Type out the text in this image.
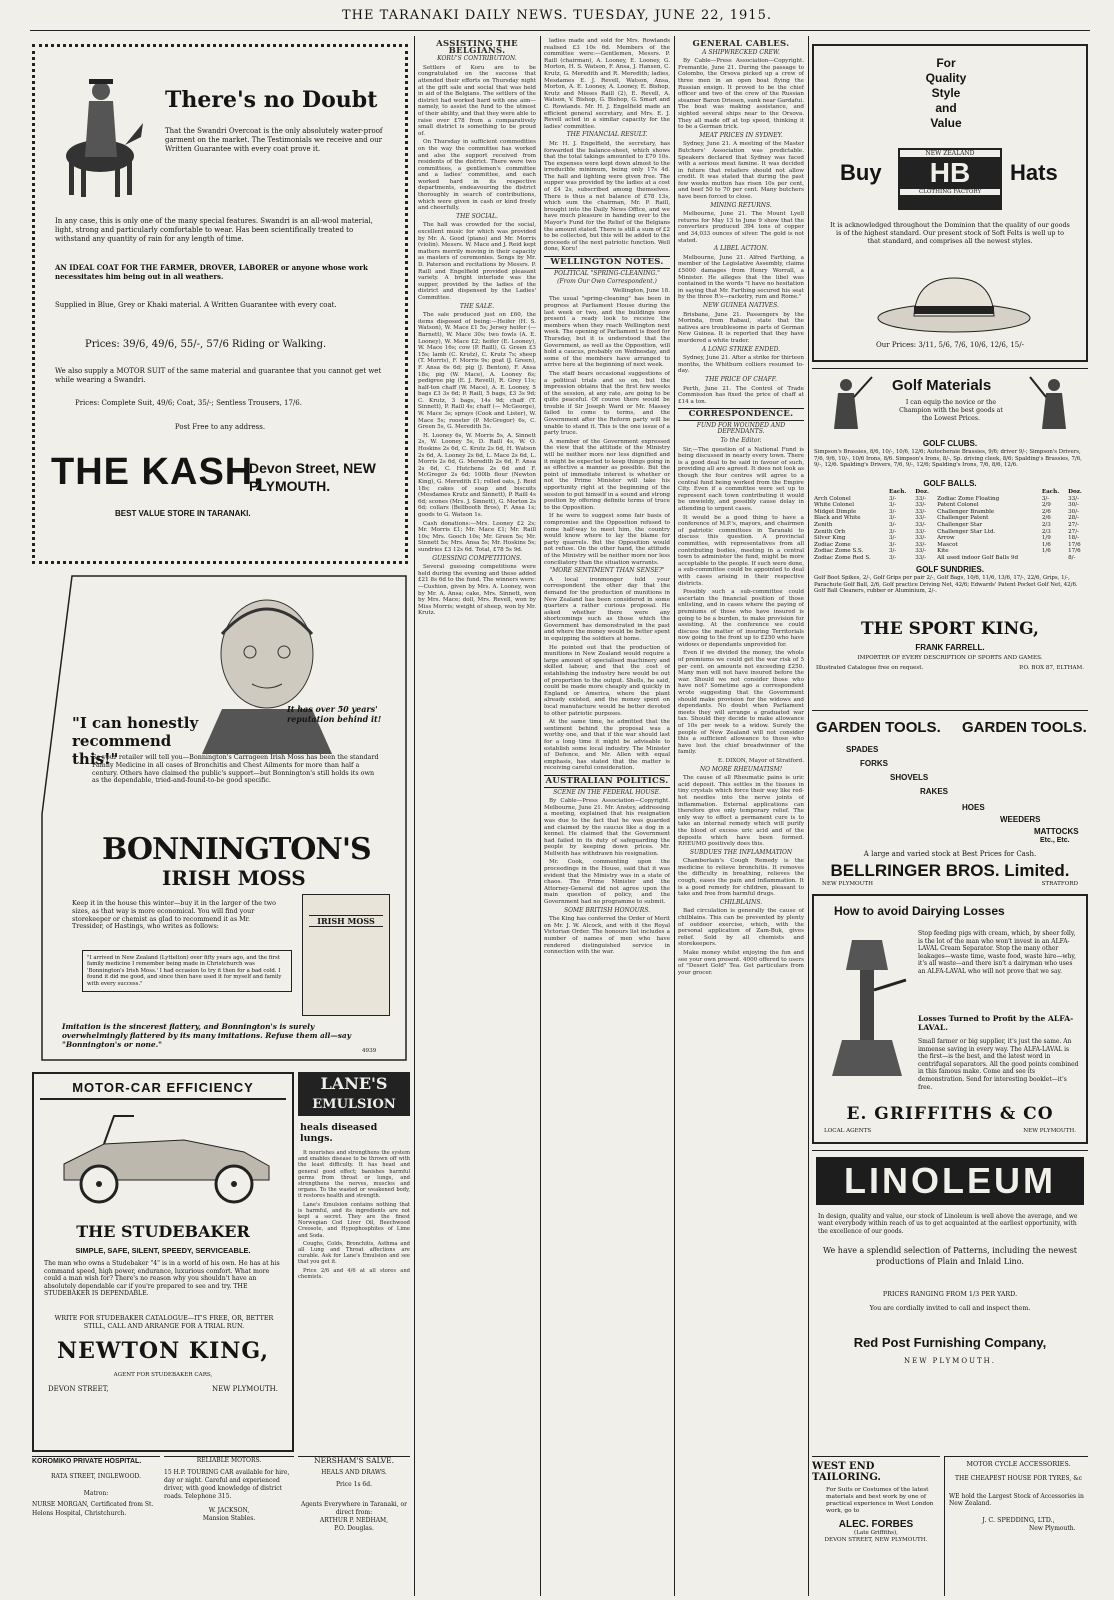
THE TARANAKI DAILY NEWS. TUESDAY, JUNE 22, 1915.
There's no Doubt
That the Swandri Overcoat is the only absolutely water-proof garment on the market. The Testimonials we receive and our Written Guarantee with every coat prove it.
In any case, this is only one of the many special features. Swandri is an all-wool material, light, strong and particularly comfortable to wear. Has been scientifically treated to withstand any quantity of rain for any length of time.
AN IDEAL COAT FOR THE FARMER, DROVER, LABORER or anyone whose work necessitates him being out in all weathers.
Supplied in Blue, Grey or Khaki material. A Written Guarantee with every coat.
Prices: 39/6, 49/6, 55/-, 57/6 Riding or Walking.
We also supply a MOTOR SUIT of the same material and guarantee that you cannot get wet while wearing a Swandri.
Prices: Complete Suit, 49/6; Coat, 35/-; Sentless Trousers, 17/6.
Post Free to any address.
THE KASH,
Devon Street, NEW PLYMOUTH.
BEST VALUE STORE IN TARANAKI.
"I can honestly recommend this!"
It has over 50 years' reputation behind it!
So your retailer will tell you—Bonnington's Carrageen Irish Moss has been the standard Family Medicine in all cases of Bronchitis and Chest Ailments for more than half a century. Others have claimed the public's support—but Bonnington's still holds its own as the dependable, tried-and-found-to-be good specific.
BONNINGTON'S
IRISH MOSS
Keep it in the house this winter—buy it in the larger of the two sizes, as that way is more economical. You will find your storekeeper or chemist as glad to recommend it as Mr. Tressider, of Hastings, who writes as follows:
IRISH MOSS
"I arrived in New Zealand (Lyttelton) over fifty years ago, and the first family medicine I remember being made in Christchurch was 'Bonnington's Irish Moss.' I had occasion to try it then for a bad cold. I found it did me good, and since then have used it for myself and family with every success."
Imitation is the sincerest flattery, and Bonnington's is surely overwhelmingly flattered by its many imitations. Refuse them all—say "Bonnington's or none."
4939
MOTOR-CAR EFFICIENCY
THE STUDEBAKER
SIMPLE, SAFE, SILENT, SPEEDY, SERVICEABLE.
The man who owns a Studebaker "4" is in a world of his own. He has at his command speed, high power, endurance, luxurious comfort. What more could a man wish for? There's no reason why you shouldn't have an absolutely dependable car if you're prepared to see and try. THE STUDEBAKER IS DEPENDABLE.
WRITE FOR STUDEBAKER CATALOGUE—IT'S FREE, OR, BETTER STILL, CALL AND ARRANGE FOR A TRIAL RUN.
NEWTON KING,
AGENT FOR STUDEBAKER CARS,
DEVON STREET,	NEW PLYMOUTH.
LANE'S
EMULSION
heals diseased lungs.

It nourishes and strengthens the system and enables disease to be thrown off with the least difficulty. It has head and general good effect; banishes harmful germs from throat or lungs, and strengthens the nerves, muscles and organs. To the wasted or weakened body, it restores health and strength.

Lane's Emulsion contains nothing that is harmful, and its ingredients are not kept a secret. They are the finest Norwegian Cod Liver Oil, Beechwood Creosote, and Hypophosphites of Lime and Soda.

Coughs, Colds, Bronchitis, Asthma and all Lung and Throat affections are curable. Ask for Lane's Emulsion and see that you get it.

Price 2/6 and 4/6 at all stores and chemists.

KOROMIKO PRIVATE HOSPITAL.
RATA STREET, INGLEWOOD.
Matron:
NURSE MORGAN, Certificated from St. Helens Hospital, Christchurch.
RELIABLE MOTORS.
15 H.P. TOURING CAR available for hire, day or night. Careful and experienced driver, with good knowledge of district roads. Telephone 315.
W. JACKSON,
Mansion Stables.
NERSHAM'S SALVE.
HEALS AND DRAWS.
Price 1s 6d.
Agents Everywhere in Taranaki, or direct from:
ARTHUR P. NEDHAM,
P.O. Douglas.
ASSISTING THE BELGIANS.
KORU'S CONTRIBUTION.

Settlers of Koru are to be congratulated on the success that attended their efforts on Thursday night at the gift sale and social that was held in aid of the Belgians. The settlers of the district had worked hard with one aim—namely, to assist the fund to the utmost of their ability, and that they were able to raise over £78 from a comparatively small district is something to be proud of.

On Thursday in sufficient commodities on the way the committee has worked and also the support received from residents of the district. There were two committees, a gentlemen's committee and a ladies' committee, and each worked hard in its respective departments, endeavouring the district thoroughly in search of contributions, which were given in cash or kind freely and cheerfully.

THE SOCIAL.

The hall was crowded for the social, excellent music for which was provided by Mr. A. Good (piano) and Mr. Morris (violin). Messrs. W. Mace and J. Reid kept matters merrily moving in their capacity as masters of ceremonies. Songs by Mr. D. Paterson and recitations by Messrs. P. Raill and Engelfield provided pleasant variety. A bright interlude was the supper, provided by the ladies of the district and dispensed by the Ladies' Committee.

THE SALE.

The sale produced just on £60, the items disposed of being:—Heifer (H. S. Watson), W. Mace £1 5s; Jersey heifer (— Barnett), W. Mace 30s; two fowls (A. E. Looney), W. Mace £2; heifer (E. Looney), W. Mace 16s; cow (P. Raill), G. Green £3 15s; lamb (C. Krutz), C. Krutz 7s; sheep (T. Morris), F. Morris 9s; goat (J. Green), F. Ansa 6s 6d; pig (J. Benton), F. Ansa 18s; pig (W. Mace), A. Looney 6s; pedigree pig (E. J. Revell), R. Grey 11s; half-ton chaff (W. Mace), A. E. Looney, 5 bags £3 3s 6d; P. Raill, 5 bags, £3 3s 9d; C. Krutz, 3 bags, 14s 9d; chaff (T. Sinnett), P. Raill 4s; chaff (— McGeorge), W. Mace 3s; sprays (Cook and Lister), W. Mace 5s; rooster (P. McGregor) 6s, C. Green 5s, G. Meredith 5s.

H. Looney 6s, W. Morris 5s, A. Sinnett 2s, W. Looney 5s, D. Raill 4s, W. O. Hoskins 2s 6d, C. Krutz 2s 6d, H. Watson 2s 6d, A. Looney 2s 6d, L. Mace 2s 6d, L. Morris 2s 6d, G. Meredith 2s 6d, F. Ansa 2s 6d, C. Hutchens 2s 6d and F. McGregor 2s 6d; 100lb flour (Newton King), G. Meredith £1; rolled oats, J. Reid 18s; cakes of soap and biscuits (Mesdames Krutz and Sinnett), P. Raill 4s 6d; scones (Mrs. J. Sinnett), G. Morton 2s 6d; collars (Bellbooth Bros), F. Ansa 1s; goods to G. Watson 1s.

Cash donations:—Mrs. Looney £2 2s; Mr. Morris £1; Mr. Mace £1; Mr. Raill 10s; Mrs. Gooch 10s; Mr. Green 5s; Mr. Sinnett 5s; Mrs. Ansa 5s; Mr. Hoskins 5s; sundries £3 12s 6d. Total, £78 5s 9d.

GUESSING COMPETITIONS.

Several guessing competitions were held during the evening and these added £21 8s 6d to the fund. The winners were:—Cushion, given by Mrs. A. Looney, won by Mr. A. Ansa; cake, Mrs. Sinnett, won by Mrs. Mace; doll, Mrs. Revell, won by Miss Morris; weight of sheep, won by Mr. Krutz.

ladies made and sold for Mrs. Rowlands realised £3 10s 6d. Members of the committee were:—Gentlemen, Messrs. P. Raill (chairman), A. Looney, E. Looney, G. Morton, H. S. Watson, F. Ansa, J. Hansen, C. Krutz, G. Meredith and R. Meredith; ladies, Mesdames E. J. Revell, Watson, Ansa, Morton, A. E. Looney, A. Looney, E. Bishop, Krutz and Misses Raill (2), E. Revell, A. Watson, V. Bishop, G. Bishop, G. Smart and C. Rowlands. Mr. H. J. Engelfield made an efficient general secretary, and Mrs. E. J. Revell acted in a similar capacity for the ladies' committee.

THE FINANCIAL RESULT.

Mr. H. J. Engelfield, the secretary, has forwarded the balance-sheet, which shows that the total takings amounted to £79 10s. The expenses were kept down almost to the irreducible minimum, being only 17s 4d. The hall and lighting were given free. The supper was provided by the ladies at a cost of £4 2s, subscribed among themselves. There is thus a net balance of £78 13s, which sum the chairman, Mr. P. Raill, brought into the Daily News Office, and we have much pleasure in handing over to the Mayor's Fund for the Relief of the Belgians the amount stated. There is still a sum of £2 to be collected, but this will be added to the proceeds of the next patriotic function. Well done, Koru!

WELLINGTON NOTES.
POLITICAL "SPRING-CLEANING."
(From Our Own Correspondent.)

Wellington, June 18.

The usual "spring-cleaning" has been in progress at Parliament House during the last week or two, and the buildings now present a ready look to receive the members when they reach Wellington next week. The opening of Parliament is fixed for Thursday, but it is understood that the Government, as well as the Opposition, will hold a caucus, probably on Wednesday, and some of the members have arranged to arrive here at the beginning of next week.

The staff bears occasional suggestions of a political trials and so on, but the impression obtains that the first few weeks of the session, at any rate, are going to be quite peaceful. Of course there would be trouble if Sir Joseph Ward or Mr. Massey failed to come to terms, and the Government after the Reform party will be unable to stand it. This is the one issue of a party truce.

A member of the Government expressed the view that the attitude of the Ministry will be neither more nor less dignified and it might be expected to keep things going in as effective a manner as possible. But the point of immediate interest is whether or not the Prime Minister will take his opportunity right at the beginning of the session to put himself in a sound and strong position by offering definite terms of truce to the Opposition.

If he were to suggest some fair basis of compromise and the Opposition refused to come half-way to meet him, the country would know where to lay the blame for party quarrels. But the Opposition would not refuse. On the other hand, the attitude of the Ministry will be neither more nor less conciliatory than the situation warrants.

"MORE SENTIMENT THAN SENSE?"

A local ironmonger told your correspondent the other day that the demand for the production of munitions in New Zealand has been considered in some quarters a rather curious proposal. He asked whether there were any shortcomings such as those which the Government has demonstrated in the past and where the money would be better spent in equipping the soldiers at home.

He pointed out that the production of munitions in New Zealand would require a large amount of specialised machinery and skilled labour, and that the cost of establishing the industry here would be out of proportion to the output. Shells, he said, could be made more cheaply and quickly in England or America, where the plant already existed, and the money spent on local manufacture would be better devoted to other patriotic purposes.

At the same time, he admitted that the sentiment behind the proposal was a worthy one, and that if the war should last for a long time it might be advisable to establish some local industry. The Minister of Defence, and Mr. Allen with equal emphasis, has stated that the matter is receiving careful consideration.

AUSTRALIAN POLITICS.
SCENE IN THE FEDERAL HOUSE.

By Cable—Press Association—Copyright. Melbourne, June 21. Mr. Anstey, addressing a meeting, explained that his resignation was due to the fact that he was guarded and claimed by the caucus like a dog in a kennel. He claimed that the Government had failed in its duty of safeguarding the people by keeping down prices. Mr. Mellwith has withdrawn his resignation.

Mr. Cook, commenting upon the proceedings in the House, said that it was evident that the Ministry was in a state of chaos. The Prime Minister and the Attorney-General did not agree upon the main question of policy, and the Government had no programme to submit.

SOME BRITISH HONOURS.

The King has conferred the Order of Merit on Mr. J. W. Alcock, and with it the Royal Victorian Order. The honours list includes a number of names of men who have rendered distinguished service in connection with the war.

GENERAL CABLES.
A SHIPWRECKED CREW.

By Cable—Press Association—Copyright. Fremantle, June 21. During the passage to Colombo, the Orsova picked up a crew of three men in an open boat flying the Russian ensign. It proved to be the chief officer and two of the crew of the Russian steamer Baron Driesen, sunk near Gardafui. The boat was making assistance, and sighted several ships near to the Orsova. They all made off at top speed, thinking it to be a German trick.

MEAT PRICES IN SYDNEY.

Sydney, June 21. A meeting of the Master Butchers' Association was predictable. Speakers declared that Sydney was faced with a serious meat famine. It was decided in future that retailers should not allow credit. It was stated that during the past few weeks mutton has risen 10s per cent, and beef 50 to 70 per cent. Many butchers have been forced to close.

MINING RETURNS.

Melbourne, June 21. The Mount Lyell returns for May 13 to June 9 show that the converters produced 394 tons of copper and 34,033 ounces of silver. The gold is not stated.

A LIBEL ACTION.

Melbourne, June 21. Alfred Farthing, a member of the Legislative Assembly, claims £5000 damages from Henry Worrall, a Minister. He alleges that the libel was contained in the words "I have no hesitation in saying that Mr. Farthing secured his seat by the three R's—racketry, rum and Rome."

NEW GUINEA NATIVES.

Brisbane, June 21. Passengers by the Morinda, from Rabaul, state that the natives are troublesome in parts of German New Guinea. It is reported that they have murdered a white trader.

A LONG STRIKE ENDED.

Sydney, June 21. After a strike for thirteen months, the Whitburn colliers resumed to-day.

THE PRICE OF CHAFF.

Perth, June 21. The Control of Trade Commission has fixed the price of chaff at £14 a ton.

CORRESPONDENCE.
FUND FOR WOUNDED AND DEPENDANTS.
To the Editor.

Sir,—The question of a National Fund is being discussed in nearly every town. There is a good deal to be said in favour of such, providing all are agreed. It does not look as though the four centres will agree to a central fund being worked from the Empire City. Even if a committee were set up to represent each town contributing it would be unwieldy, and possibly cause delay in attending to urgent cases.

It would be a good thing to have a conference of M.P.'s, mayors, and chairmen of patriotic committees in Taranaki to discuss this question. A provincial committee, with representatives from all contributing bodies, meeting in a central town to administer the fund, might be more acceptable to the people. If such were done, a sub-committee could be appointed to deal with cases arising in their respective districts.

Possibly such a sub-committee could ascertain the financial position of those enlisting, and in cases where the paying of premiums of those who have insured is going to be a burden, to make provision for assisting. At the conference we could discuss the matter of insuring Territorials now going to the front up to £250 who have widows or dependants unprovided for.

Even if we divided the money, the whole of premiums we could get the war risk of 5 per cent. on amounts not exceeding £250. Many men will not have insured before the war. Should we not consider those who have not? Sometime ago a correspondent wrote suggesting that the Government should make provision for the widows and dependants. No doubt when Parliament meets they will arrange a graduated war tax. Should they decide to make allowance of 10s per week to a widow. Surely the people of New Zealand will not consider this a sufficient allowance to those who have lost the chief breadwinner of the family.

E. DIXON, Mayor of Stratford.

NO MORE RHEUMATISM!

The cause of all Rheumatic pains is uric acid deposit. This settles in the tissues in tiny crystals which force their way like red-hot needles into the nerve joints of inflammation. External applications can therefore give only temporary relief. The only way to effect a permanent cure is to take an internal remedy which will purify the blood of excess uric acid and of the deposits which have been formed. RHEUMO positively does this.

SUBDUES THE INFLAMMATION

Chamberlain's Cough Remedy is the medicine to relieve bronchitis. It removes the difficulty in breathing, relieves the cough, eases the pain and inflammation. It is a good remedy for children, pleasant to take and free from harmful drugs.

CHILBLAINS.

Bad circulation is generally the cause of chilblains. This can be prevented by plenty of outdoor exercise, which, with the personal application of Zam-Buk, gives relief. Sold by all chemists and storekeepers.

Make money whilst enjoying the fun and see your own present. 4000 offered to users of "Desert Gold" Tea. Get particulars from your grocer.

For
Quality
Style
and
Value
Buy
NEW ZEALAND
HB
CLOTHING FACTORY
Hats
It is acknowledged throughout the Dominion that the quality of our goods is of the highest standard. Our present stock of Soft Felts is well up to that standard, and comprises all the newest styles.
Our Prices: 3/11, 5/6, 7/6, 10/6, 12/6, 15/-
Golf Materials
I can equip the novice or the Champion with the best goods at the Lowest Prices.
GOLF CLUBS.
Simpson's Brassies, 8/6, 10/-, 10/6, 12/6; Autocheraie Brassies, 9/6; driver 9/-; Simpson's Drivers, 7/6, 9/6, 10/-, 10/6 Irons, 8/6. Simpson's Irons, 8/-, Sp. driving cleek, 8/6; Spalding's Brassies, 7/6, 9/-, 12/6. Spalding's Drivers, 7/6, 9/-, 12/6; Spalding's Irons, 7/6, 8/6, 12/6.
GOLF BALLS.
	Each.	Doz.		Each.	Doz.
Arch Colonel	3/-	33/-	Zodiac Zome Floating	3/-	33/-
White Colonel	3/-	33/-	Patent Colonel	2/9	30/-
Midget Dimple	3/-	33/-	Challenger Bramble	2/6	30/-
Black and White	3/-	33/-	Challenger Patent	2/6	28/-
Zenith	3/-	33/-	Challenger Star	2/3	27/-
Zenith Orb	3/-	33/-	Challenger Star Ltd.	2/3	27/-
Silver King	3/-	33/-	Arrow	1/9	18/-
Zodiac Zome	3/-	33/-	Mascot	1/6	17/6
Zodiac Zome S.S.	3/-	33/-	Kite	1/6	17/6
Zodiac Zome Red S.	3/-	33/-	All used indoor Golf Balls 9d		8/-
GOLF SUNDRIES.
Golf Boot Spikes, 2/-, Golf Grips per pair 2/-, Golf Bags, 10/6, 11/6, 13/6, 17/-, 22/6, Grips, 1/-, Parachute Golf Ball, 2/6, Golf practice Driving Net, 42/6; Edwards' Patent Pocket Golf Net, 42/6. Golf Ball Cleaners, rubber or Aluminium, 2/-.
THE SPORT KING,
FRANK FARRELL.
IMPORTER OF EVERY DESCRIPTION OF SPORTS AND GAMES.
Illustrated Catalogue free on request.	P.O. BOX 87, ELTHAM.
GARDEN TOOLS. GARDEN TOOLS.
SPADES
FORKS
SHOVELS
RAKES
HOES
WEEDERS
MATTOCKS
Etc., Etc.
A large and varied stock at Best Prices for Cash.
BELLRINGER BROS. Limited.
NEW PLYMOUTH	STRATFORD
How to avoid Dairying Losses
Stop feeding pigs with cream, which, by sheer folly, is the lot of the man who won't invest in an ALFA-LAVAL Cream Separator. Stop the many other leakages—waste time, waste food, waste hire—why, it's all waste—and there isn't a dairyman who uses an ALFA-LAVAL who will not prove that we say.
Losses Turned to Profit by the ALFA-LAVAL.
Small farmer or big supplier, it's just the same. An immense saving in every way. The ALFA-LAVAL is the first—is the best, and the latest word in centrifugal separators. All the good points combined in this famous make. Come and see its demonstration. Send for interesting booklet—it's free.
E. GRIFFITHS & CO
LOCAL AGENTS	NEW PLYMOUTH.
LINOLEUM
In design, quality and value, our stock of Linoleum is well above the average, and we want everybody within reach of us to get acquainted at the earliest opportunity, with the excellence of our goods.
We have a splendid selection of Patterns, including the newest productions of Plain and Inlaid Lino.
PRICES RANGING FROM 1/3 PER YARD.
You are cordially invited to call and inspect them.
Red Post Furnishing Company,
NEW PLYMOUTH.
WEST END
TAILORING.
For Suits or Costumes of the latest materials and best work by one of practical experience in West London work, go to
ALEC. FORBES
(Late Griffiths),
DEVON STREET, NEW PLYMOUTH.
MOTOR CYCLE ACCESSORIES.
THE CHEAPEST HOUSE FOR TYRES, &c
WE hold the Largest Stock of Accessories in New Zealand.
J. C. SPEDDING, LTD.,
New Plymouth.
